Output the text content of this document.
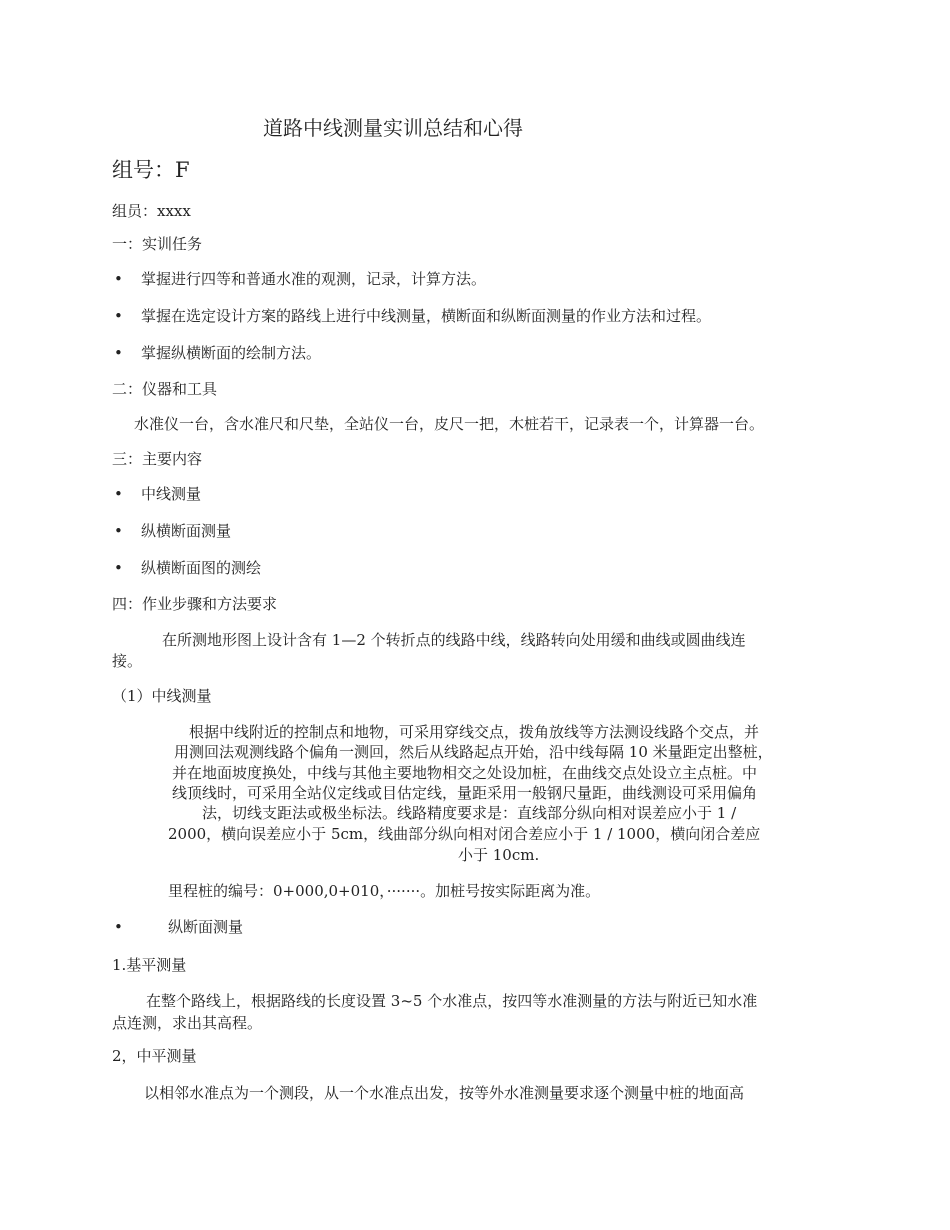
道路中线测量实训总结和心得
组号：F
组员：xxxx
一：实训任务
• 掌握进行四等和普通水准的观测，记录，计算方法。
• 掌握在选定设计方案的路线上进行中线测量，横断面和纵断面测量的作业方法和过程。
• 掌握纵横断面的绘制方法。
二：仪器和工具
水准仪一台，含水准尺和尺垫，全站仪一台，皮尺一把，木桩若干，记录表一个，计算器一台。
三：主要内容
• 中线测量
• 纵横断面测量
• 纵横断面图的测绘
四：作业步骤和方法要求
在所测地形图上设计含有 1—2 个转折点的线路中线，线路转向处用缓和曲线或圆曲线连
接。
（1）中线测量
根据中线附近的控制点和地物，可采用穿线交点，拨角放线等方法测设线路个交点，并
用测回法观测线路个偏角一测回，然后从线路起点开始，沿中线每隔 10 米量距定出整桩，
并在地面坡度换处，中线与其他主要地物相交之处设加桩，在曲线交点处设立主点桩。中
线顶线时，可采用全站仪定线或目估定线，量距采用一般钢尺量距，曲线测设可采用偏角
法，切线支距法或极坐标法。线路精度要求是：直线部分纵向相对误差应小于 1 /
2000，横向误差应小于 5cm，线曲部分纵向相对闭合差应小于 1 / 1000，横向闭合差应
小于 10cm.
里程桩的编号：0+000,0+010，·······。加桩号按实际距离为准。
•	纵断面测量
1.基平测量
在整个路线上，根据路线的长度设置 3~5 个水准点，按四等水准测量的方法与附近已知水准
点连测，求出其高程。
2，中平测量
以相邻水准点为一个测段，从一个水准点出发，按等外水准测量要求逐个测量中桩的地面高
